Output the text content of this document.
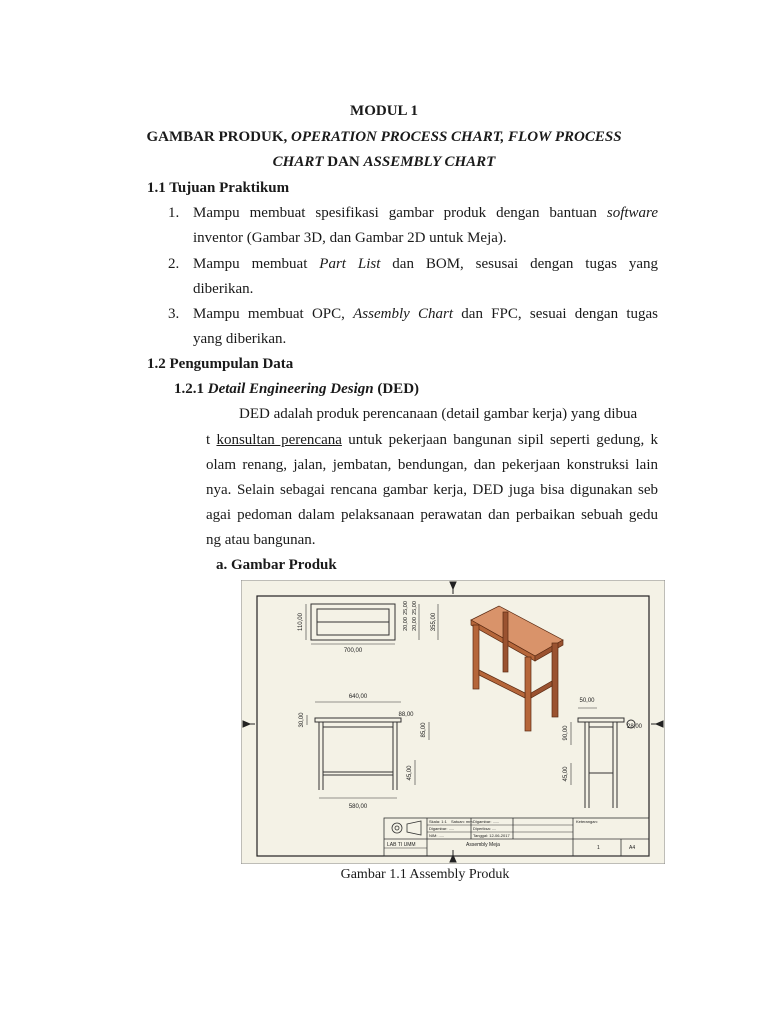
MODUL 1
GAMBAR PRODUK, OPERATION PROCESS CHART, FLOW PROCESS
CHART DAN ASSEMBLY CHART
1.1 Tujuan Praktikum
1. Mampu membuat spesifikasi gambar produk dengan bantuan software
inventor (Gambar 3D, dan Gambar 2D untuk Meja).
2. Mampu membuat Part List dan BOM, sesusai dengan tugas yang
diberikan.
3. Mampu membuat OPC, Assembly Chart dan FPC, sesuai dengan tugas
yang diberikan.
1.2 Pengumpulan Data
1.2.1 Detail Engineering Design (DED)
DED adalah produk perencanaan (detail gambar kerja) yang dibua
t konsultan perencana untuk pekerjaan bangunan sipil seperti gedung, k
olam renang, jalan, jembatan, bendungan, dan pekerjaan konstruksi lain
nya. Selain sebagai rencana gambar kerja, DED juga bisa digunakan seb
agai pedoman dalam pelaksanaan perawatan dan perbaikan sebuah gedu
ng atau bangunan.
a. Gambar Produk
700,00
110,00
25,00
20,00 20,00
25,00
355,00
640,00
580,00
30,00	88,00
85,00
45,00
50,00
90,00	28,00
45,00
Skala: 1:1 Satuan: mm Digambar: ......	Keterangan:
Digambar: .....	Diperiksa: ....
NIM: .....	Tanggal: 12-06-2017
LAB TI UMM	Assembly Meja	1	A4
Gambar 1.1 Assembly Produk
